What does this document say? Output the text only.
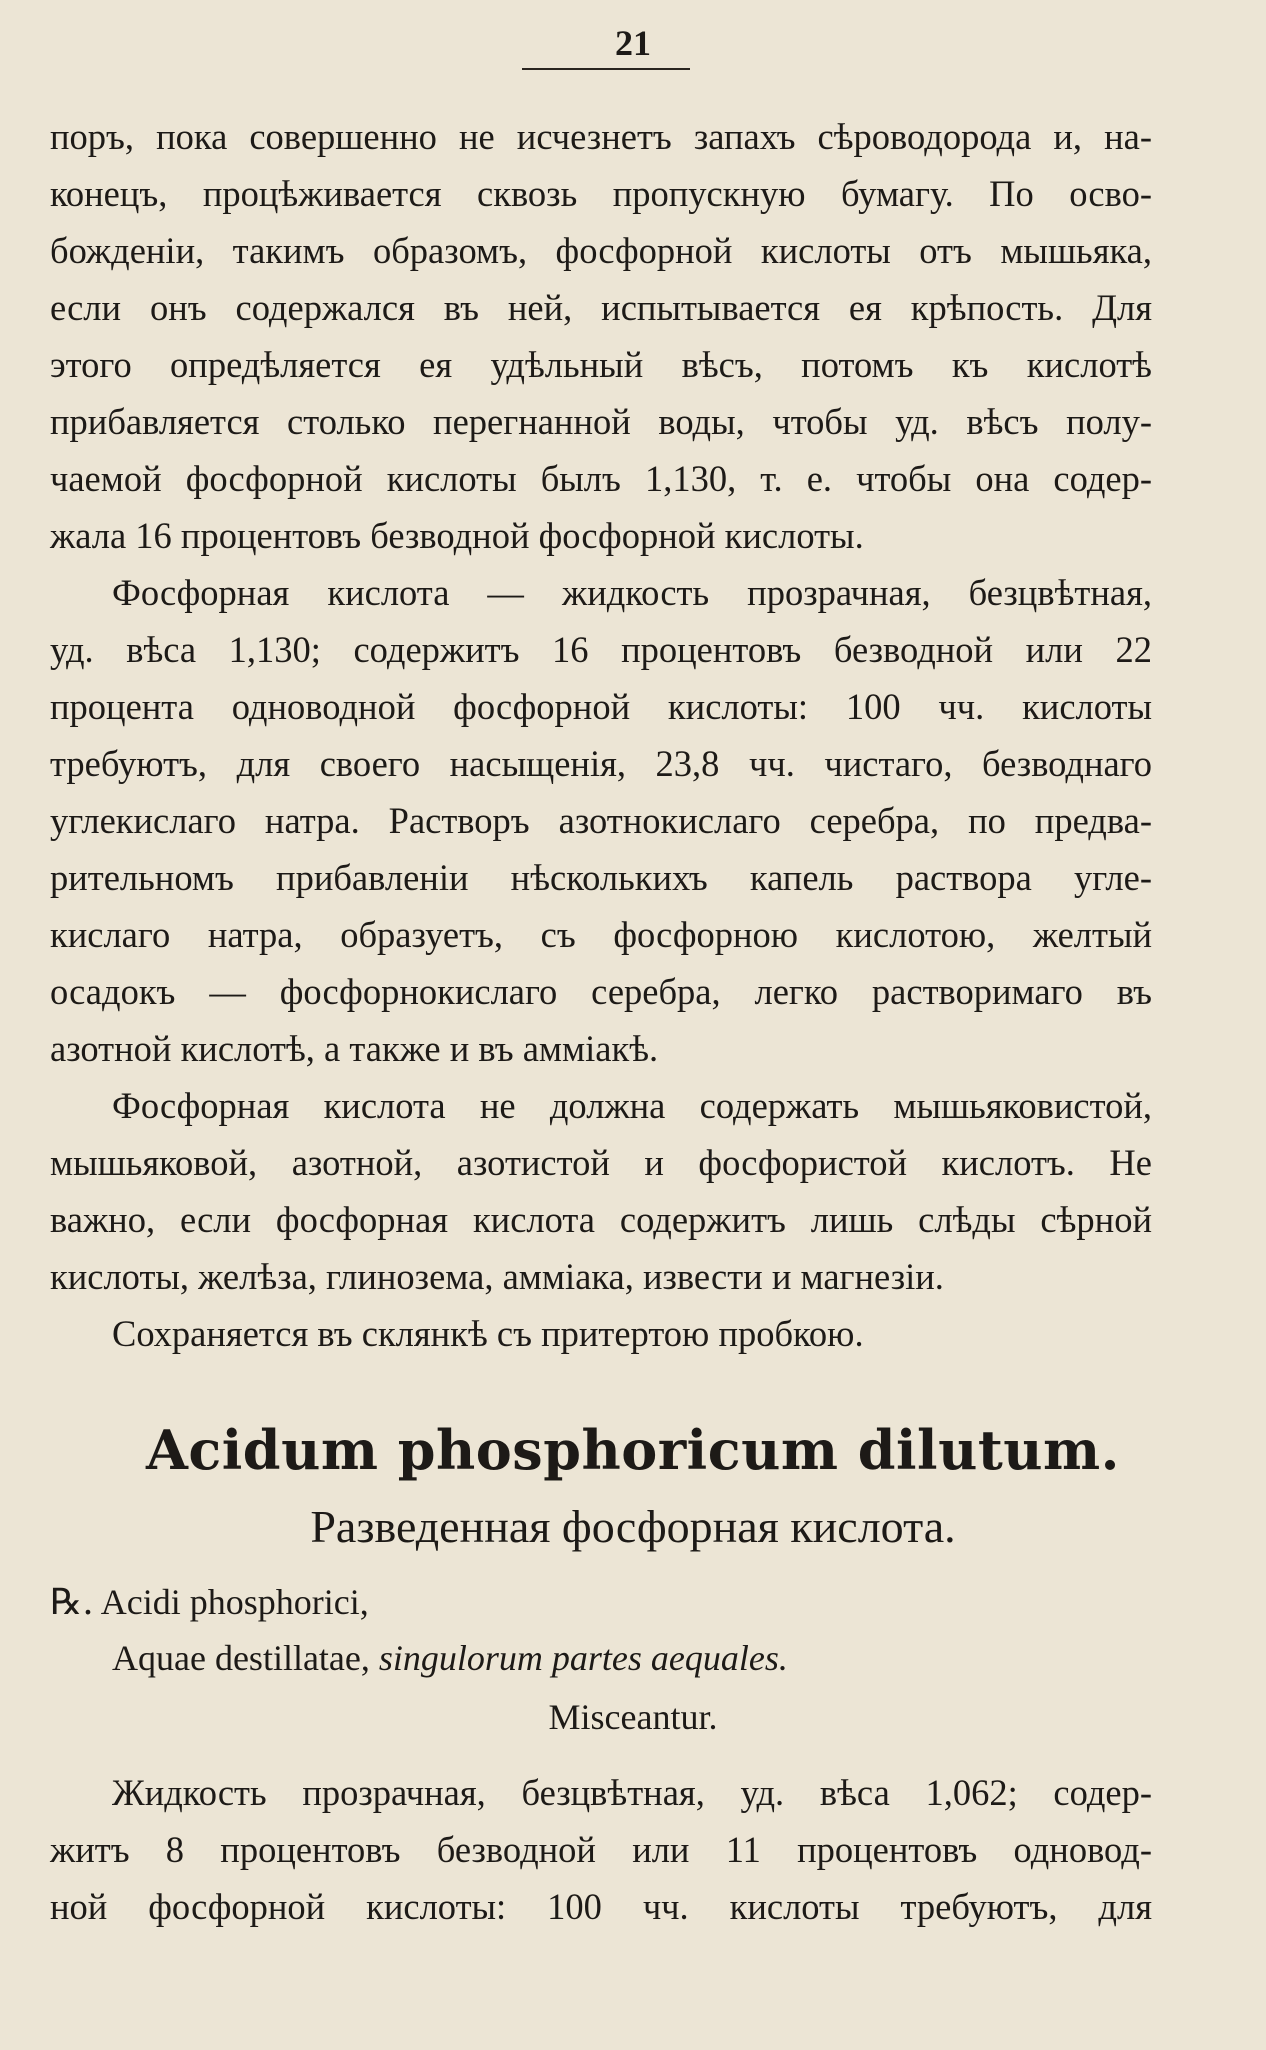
21
поръ, пока совершенно не исчезнетъ запахъ сѣроводорода и, на-
конецъ, процѣживается сквозь пропускную бумагу. По осво-
божденiи, такимъ образомъ, фосфорной кислоты отъ мышьяка,
если онъ содержался въ ней, испытывается ея крѣпость. Для
этого опредѣляется ея удѣльный вѣсъ, потомъ къ кислотѣ
прибавляется столько перегнанной воды, чтобы уд. вѣсъ полу-
чаемой фосфорной кислоты былъ 1,130, т. е. чтобы она содер-
жала 16 процентовъ безводной фосфорной кислоты.
Фосфорная кислота — жидкость прозрачная, безцвѣтная,
уд. вѣса 1,130; содержитъ 16 процентовъ безводной или 22
процента одноводной фосфорной кислоты: 100 чч. кислоты
требуютъ, для своего насыщенiя, 23,8 чч. чистаго, безводнаго
углекислаго натра. Растворъ азотнокислаго серебра, по предва-
рительномъ прибавленiи нѣсколькихъ капель раствора угле-
кислаго натра, образуетъ, съ фосфорною кислотою, желтый
осадокъ — фосфорнокислаго серебра, легко растворимаго въ
азотной кислотѣ, а также и въ аммiакѣ.
Фосфорная кислота не должна содержать мышьяковистой,
мышьяковой, азотной, азотистой и фосфористой кислотъ. Не
важно, если фосфорная кислота содержитъ лишь слѣды сѣрной
кислоты, желѣза, глинозема, аммiака, извести и магнезiи.
Сохраняется въ склянкѣ съ притертою пробкою.
Acidum phosphoricum dilutum.
Разведенная фосфорная кислота.
℞. Acidi phosphorici,
Aquae destillatae, singulorum partes aequales.
Misceantur.
Жидкость прозрачная, безцвѣтная, уд. вѣса 1,062; содер-
житъ 8 процентовъ безводной или 11 процентовъ одновод-
ной фосфорной кислоты: 100 чч. кислоты требуютъ, для
